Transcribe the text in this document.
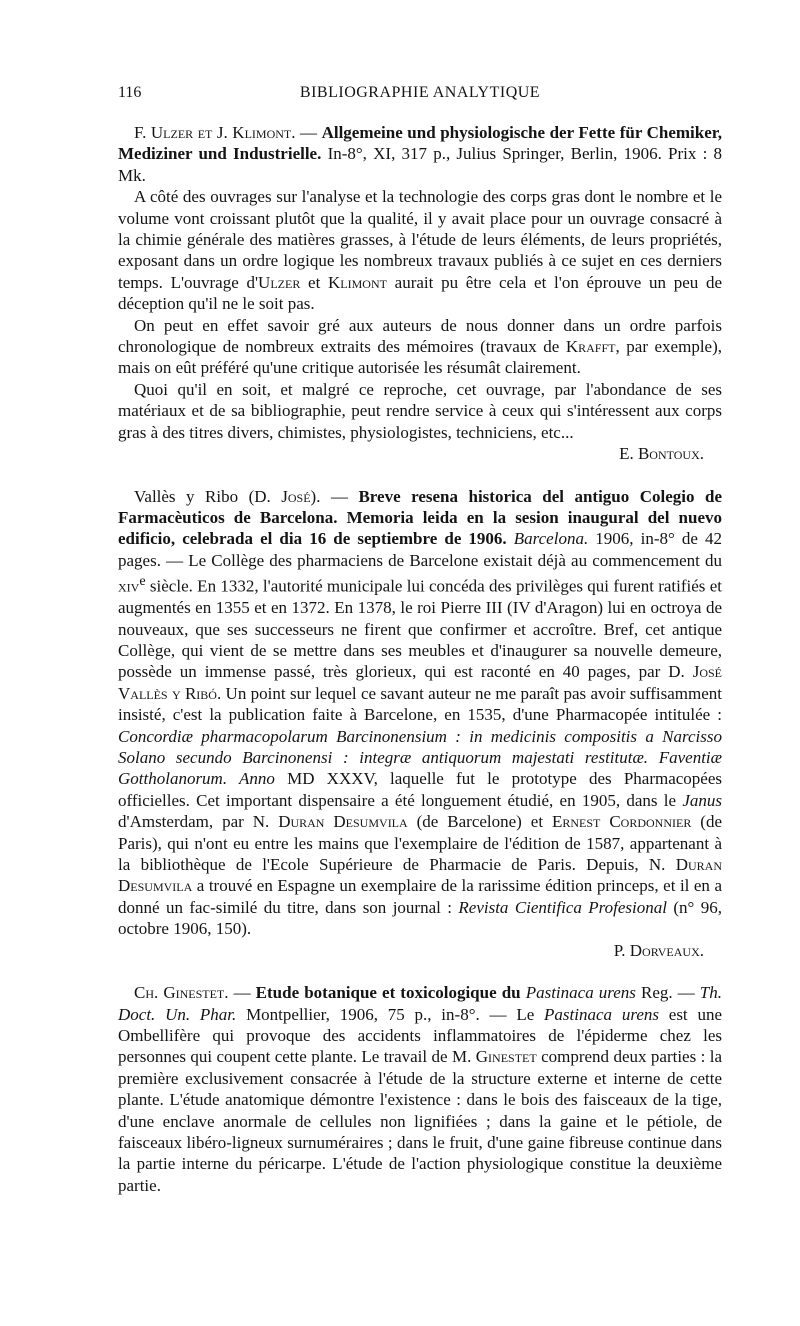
116	BIBLIOGRAPHIE ANALYTIQUE

F. Ulzer et J. Klimont. — Allgemeine und physiologische der Fette für Chemiker, Mediziner und Industrielle. In-8°, XI, 317 p., Julius Springer, Berlin, 1906. Prix : 8 Mk.

A côté des ouvrages sur l'analyse et la technologie des corps gras dont le nombre et le volume vont croissant plutôt que la qualité, il y avait place pour un ouvrage consacré à la chimie générale des matières grasses, à l'étude de leurs éléments, de leurs propriétés, exposant dans un ordre logique les nombreux travaux publiés à ce sujet en ces derniers temps. L'ouvrage d'Ulzer et Klimont aurait pu être cela et l'on éprouve un peu de déception qu'il ne le soit pas.

On peut en effet savoir gré aux auteurs de nous donner dans un ordre parfois chronologique de nombreux extraits des mémoires (travaux de Krafft, par exemple), mais on eût préféré qu'une critique autorisée les résumât clairement.

Quoi qu'il en soit, et malgré ce reproche, cet ouvrage, par l'abondance de ses matériaux et de sa bibliographie, peut rendre service à ceux qui s'intéressent aux corps gras à des titres divers, chimistes, physiologistes, techniciens, etc...

E. Bontoux.

Vallès y Ribo (D. José). — Breve resena historica del antiguo Colegio de Farmacèuticos de Barcelona. Memoria leida en la sesion inaugural del nuevo edificio, celebrada el dia 16 de septiembre de 1906. Barcelona. 1906, in-8° de 42 pages. — Le Collège des pharmaciens de Barcelone existait déjà au commencement du xiv$^e$ siècle. En 1332, l'autorité municipale lui concéda des privilèges qui furent ratifiés et augmentés en 1355 et en 1372. En 1378, le roi Pierre III (IV d'Aragon) lui en octroya de nouveaux, que ses successeurs ne firent que confirmer et accroître. Bref, cet antique Collège, qui vient de se mettre dans ses meubles et d'inaugurer sa nouvelle demeure, possède un immense passé, très glorieux, qui est raconté en 40 pages, par D. José Vallès y Ribó. Un point sur lequel ce savant auteur ne me paraît pas avoir suffisamment insisté, c'est la publication faite à Barcelone, en 1535, d'une Pharmacopée intitulée : Concordiæ pharmacopolarum Barcinonensium : in medicinis compositis a Narcisso Solano secundo Barcinonensi : integræ antiquorum majestati restitutæ. Faventiæ Gottholanorum. Anno MD XXXV, laquelle fut le prototype des Pharmacopées officielles. Cet important dispensaire a été longuement étudié, en 1905, dans le Janus d'Amsterdam, par N. Duran Desumvila (de Barcelone) et Ernest Cordonnier (de Paris), qui n'ont eu entre les mains que l'exemplaire de l'édition de 1587, appartenant à la bibliothèque de l'Ecole Supérieure de Pharmacie de Paris. Depuis, N. Duran Desumvila a trouvé en Espagne un exemplaire de la rarissime édition princeps, et il en a donné un fac-similé du titre, dans son journal : Revista Cientifica Profesional (n° 96, octobre 1906, 150).

P. Dorveaux.

Ch. Ginestet. — Etude botanique et toxicologique du Pastinaca urens Reg. — Th. Doct. Un. Phar. Montpellier, 1906, 75 p., in-8°. — Le Pastinaca urens est une Ombellifère qui provoque des accidents inflammatoires de l'épiderme chez les personnes qui coupent cette plante. Le travail de M. Ginestet comprend deux parties : la première exclusivement consacrée à l'étude de la structure externe et interne de cette plante. L'étude anatomique démontre l'existence : dans le bois des faisceaux de la tige, d'une enclave anormale de cellules non lignifiées ; dans la gaine et le pétiole, de faisceaux libéro-ligneux surnuméraires ; dans le fruit, d'une gaine fibreuse continue dans la partie interne du péricarpe. L'étude de l'action physiologique constitue la deuxième partie.
